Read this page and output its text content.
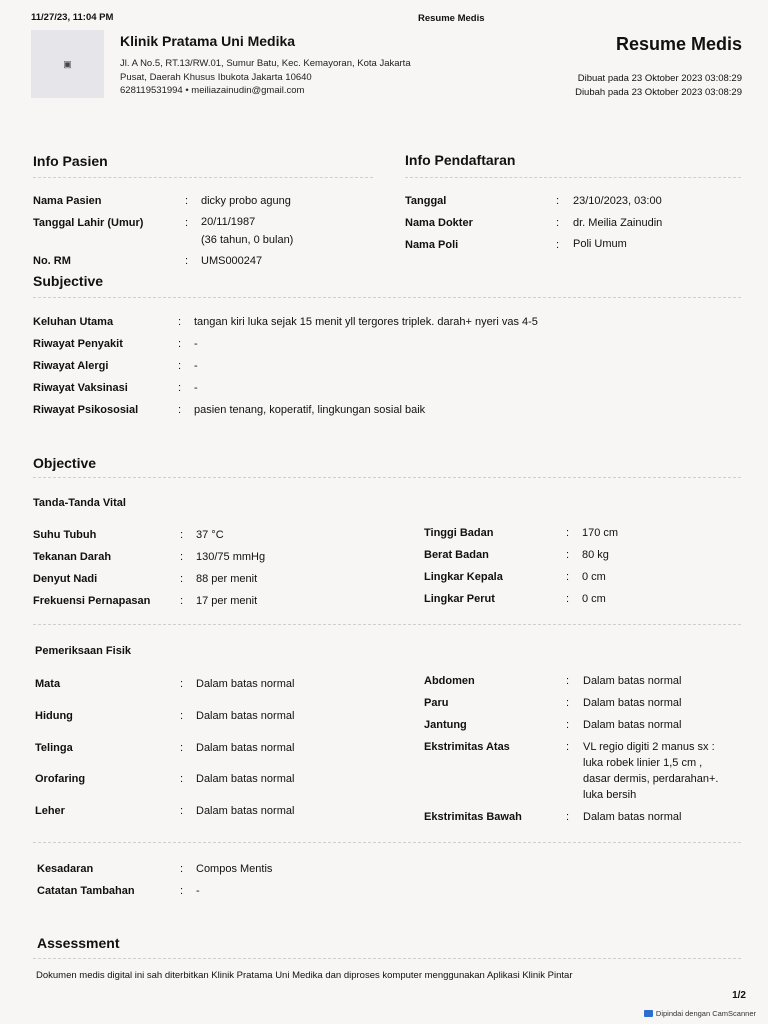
11/27/23, 11:04 PM	Resume Medis
▣
Klinik Pratama Uni Medika
Jl. A No.5, RT.13/RW.01, Sumur Batu, Kec. Kemayoran, Kota Jakarta
Pusat, Daerah Khusus Ibukota Jakarta 10640
628119531994 • meiliazainudin@gmail.com
Resume Medis
Dibuat pada 23 Oktober 2023 03:08:29
Diubah pada 23 Oktober 2023 03:08:29
Info Pasien	Info Pendaftaran
Nama Pasien	: dicky probo agung
Tanggal Lahir (Umur)	: 20/11/1987
(36 tahun, 0 bulan)
No. RM	: UMS000247
Tanggal	: 23/10/2023, 03:00
Nama Dokter	: dr. Meilia Zainudin
Nama Poli	: Poli Umum
Subjective
Keluhan Utama	: tangan kiri luka sejak 15 menit yll tergores triplek. darah+ nyeri vas 4-5
Riwayat Penyakit	: -
Riwayat Alergi	: -
Riwayat Vaksinasi	: -
Riwayat Psikososial	: pasien tenang, koperatif, lingkungan sosial baik
Objective
Tanda-Tanda Vital
Suhu Tubuh	: 37 °C
Tekanan Darah	: 130/75 mmHg
Denyut Nadi	: 88 per menit
Frekuensi Pernapasan	: 17 per menit
Tinggi Badan	: 170 cm
Berat Badan	: 80 kg
Lingkar Kepala	: 0 cm
Lingkar Perut	: 0 cm
Pemeriksaan Fisik
Mata	: Dalam batas normal
Hidung	: Dalam batas normal
Telinga	: Dalam batas normal
Orofaring	: Dalam batas normal
Leher	: Dalam batas normal
Abdomen	: Dalam batas normal
Paru	: Dalam batas normal
Jantung	: Dalam batas normal
Ekstrimitas Atas	: VL regio digiti 2 manus sx :
luka robek linier 1,5 cm ,
dasar dermis, perdarahan+.
luka bersih
Ekstrimitas Bawah	: Dalam batas normal
Kesadaran	: Compos Mentis
Catatan Tambahan	: -
Assessment
Dokumen medis digital ini sah diterbitkan Klinik Pratama Uni Medika dan diproses komputer menggunakan Aplikasi Klinik Pintar
1/2
Dipindai dengan CamScanner
